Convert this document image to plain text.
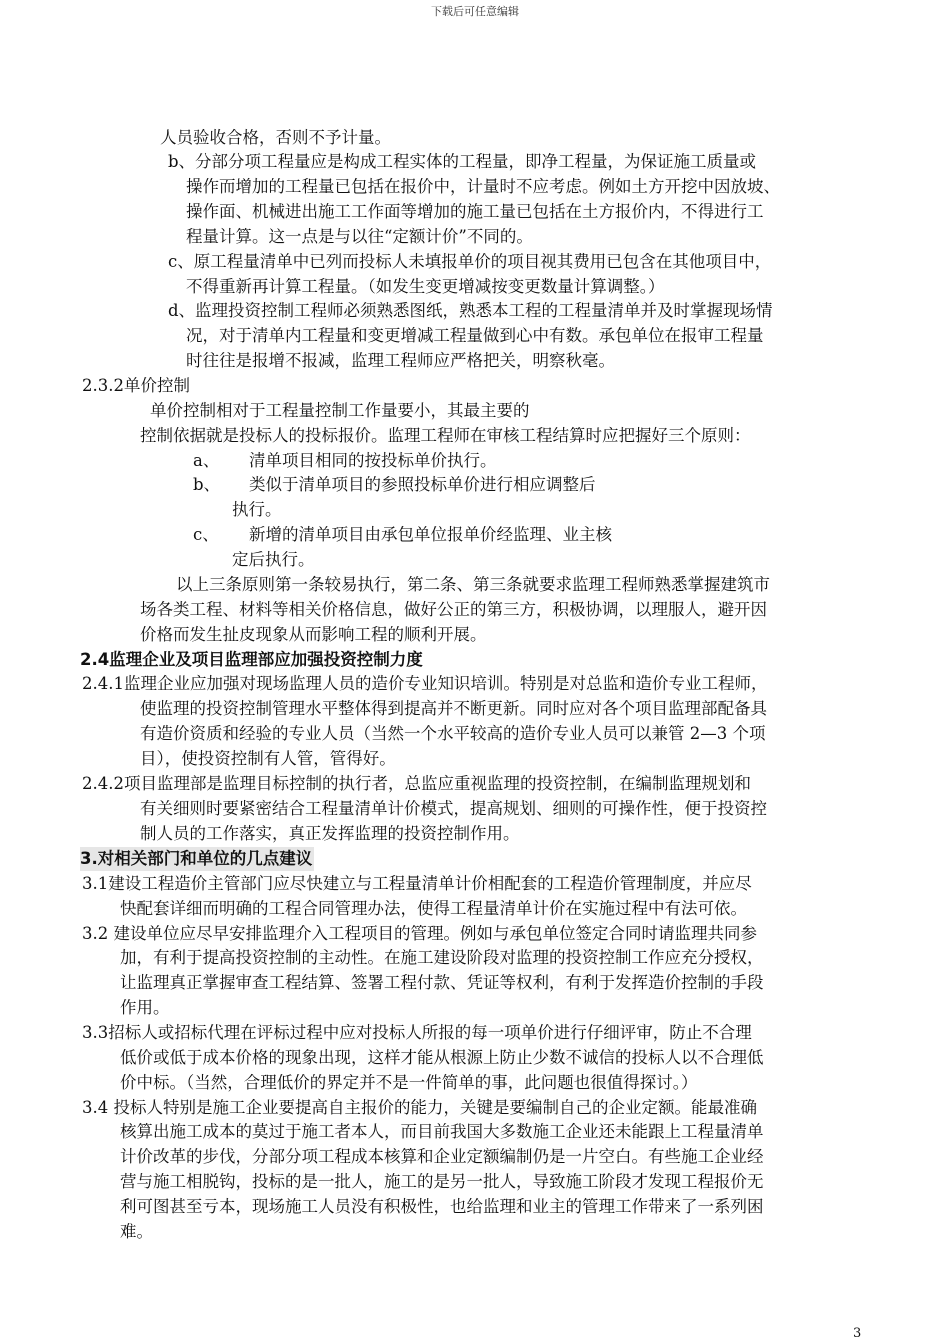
下载后可任意编辑
人员验收合格，否则不予计量。
b、分部分项工程量应是构成工程实体的工程量，即净工程量，为保证施工质量或
操作而增加的工程量已包括在报价中，计量时不应考虑。例如土方开挖中因放坡、
操作面、机械进出施工工作面等增加的施工量已包括在土方报价内，不得进行工
程量计算。这一点是与以往“定额计价”不同的。
c、原工程量清单中已列而投标人未填报单价的项目视其费用已包含在其他项目中，
不得重新再计算工程量。（如发生变更增减按变更数量计算调整。）
d、监理投资控制工程师必须熟悉图纸，熟悉本工程的工程量清单并及时掌握现场情
况，对于清单内工程量和变更增减工程量做到心中有数。承包单位在报审工程量
时往往是报增不报减，监理工程师应严格把关，明察秋毫。
2.3.2单价控制
单价控制相对于工程量控制工作量要小，其最主要的
控制依据就是投标人的投标报价。监理工程师在审核工程结算时应把握好三个原则：
a、 清单项目相同的按投标单价执行。
b、 类似于清单项目的参照投标单价进行相应调整后
执行。
c、 新增的清单项目由承包单位报单价经监理、业主核
定后执行。
以上三条原则第一条较易执行，第二条、第三条就要求监理工程师熟悉掌握建筑市
场各类工程、材料等相关价格信息，做好公正的第三方，积极协调，以理服人，避开因
价格而发生扯皮现象从而影响工程的顺利开展。
2.4监理企业及项目监理部应加强投资控制力度
2.4.1监理企业应加强对现场监理人员的造价专业知识培训。特别是对总监和造价专业工程师，
使监理的投资控制管理水平整体得到提高并不断更新。同时应对各个项目监理部配备具
有造价资质和经验的专业人员（当然一个水平较高的造价专业人员可以兼管 2—3 个项
目），使投资控制有人管，管得好。
2.4.2项目监理部是监理目标控制的执行者，总监应重视监理的投资控制，在编制监理规划和
有关细则时要紧密结合工程量清单计价模式，提高规划、细则的可操作性，便于投资控
制人员的工作落实，真正发挥监理的投资控制作用。
3.对相关部门和单位的几点建议
3.1建设工程造价主管部门应尽快建立与工程量清单计价相配套的工程造价管理制度，并应尽
快配套详细而明确的工程合同管理办法，使得工程量清单计价在实施过程中有法可依。
3.2 建设单位应尽早安排监理介入工程项目的管理。例如与承包单位签定合同时请监理共同参
加，有利于提高投资控制的主动性。在施工建设阶段对监理的投资控制工作应充分授权，
让监理真正掌握审查工程结算、签署工程付款、凭证等权利，有利于发挥造价控制的手段
作用。
3.3招标人或招标代理在评标过程中应对投标人所报的每一项单价进行仔细评审，防止不合理
低价或低于成本价格的现象出现，这样才能从根源上防止少数不诚信的投标人以不合理低
价中标。（当然，合理低价的界定并不是一件简单的事，此问题也很值得探讨。）
3.4 投标人特别是施工企业要提高自主报价的能力，关键是要编制自己的企业定额。能最准确
核算出施工成本的莫过于施工者本人，而目前我国大多数施工企业还未能跟上工程量清单
计价改革的步伐，分部分项工程成本核算和企业定额编制仍是一片空白。有些施工企业经
营与施工相脱钩，投标的是一批人，施工的是另一批人，导致施工阶段才发现工程报价无
利可图甚至亏本，现场施工人员没有积极性，也给监理和业主的管理工作带来了一系列困
难。
3
